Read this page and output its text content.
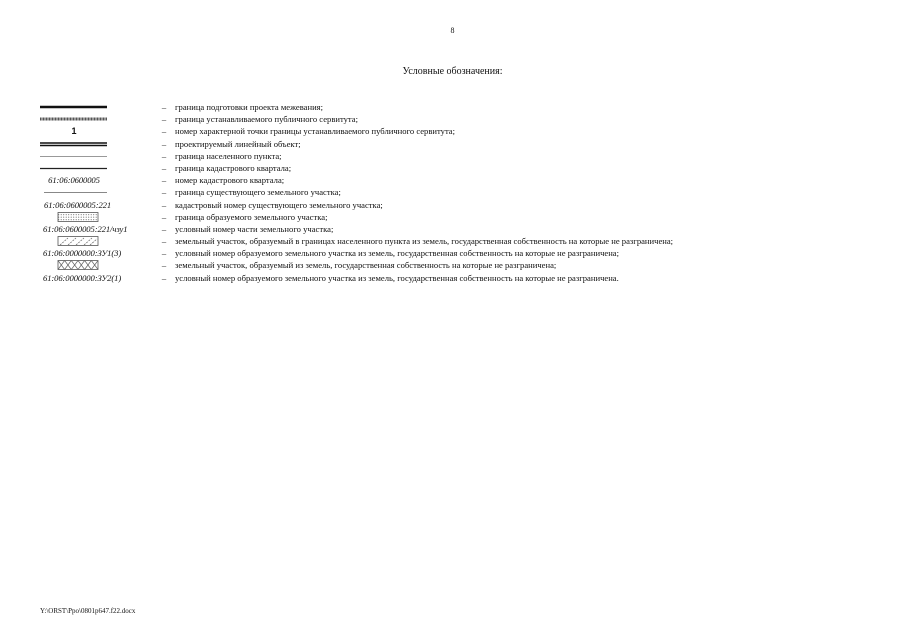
8
Условные обозначения:
– граница подготовки проекта межевания;
– граница устанавливаемого публичного сервитута;
1	– номер характерной точки границы устанавливаемого публичного сервитута;
– проектируемый линейный объект;
– граница населенного пункта;
– граница кадастрового квартала;
61:06:0600005	– номер кадастрового квартала;
– граница существующего земельного участка;
61:06:0600005:221	– кадастровый номер существующего земельного участка;
– граница образуемого земельного участка;
61:06:0600005:221/чзу1	– условный номер части земельного участка;
– земельный участок, образуемый в границах населенного пункта из земель, государственная собственность на которые не разграничена;
61:06:0000000:ЗУ1(3)	– условный номер образуемого земельного участка из земель, государственная собственность на которые не разграничена;
– земельный участок, образуемый из земель, государственная собственность на которые не разграничена;
61:06:0000000:ЗУ2(1)	– условный номер образуемого земельного участка из земель, государственная собственность на которые не разграничена.
Y:\ORST\Ppo\0801p647.f22.docx
